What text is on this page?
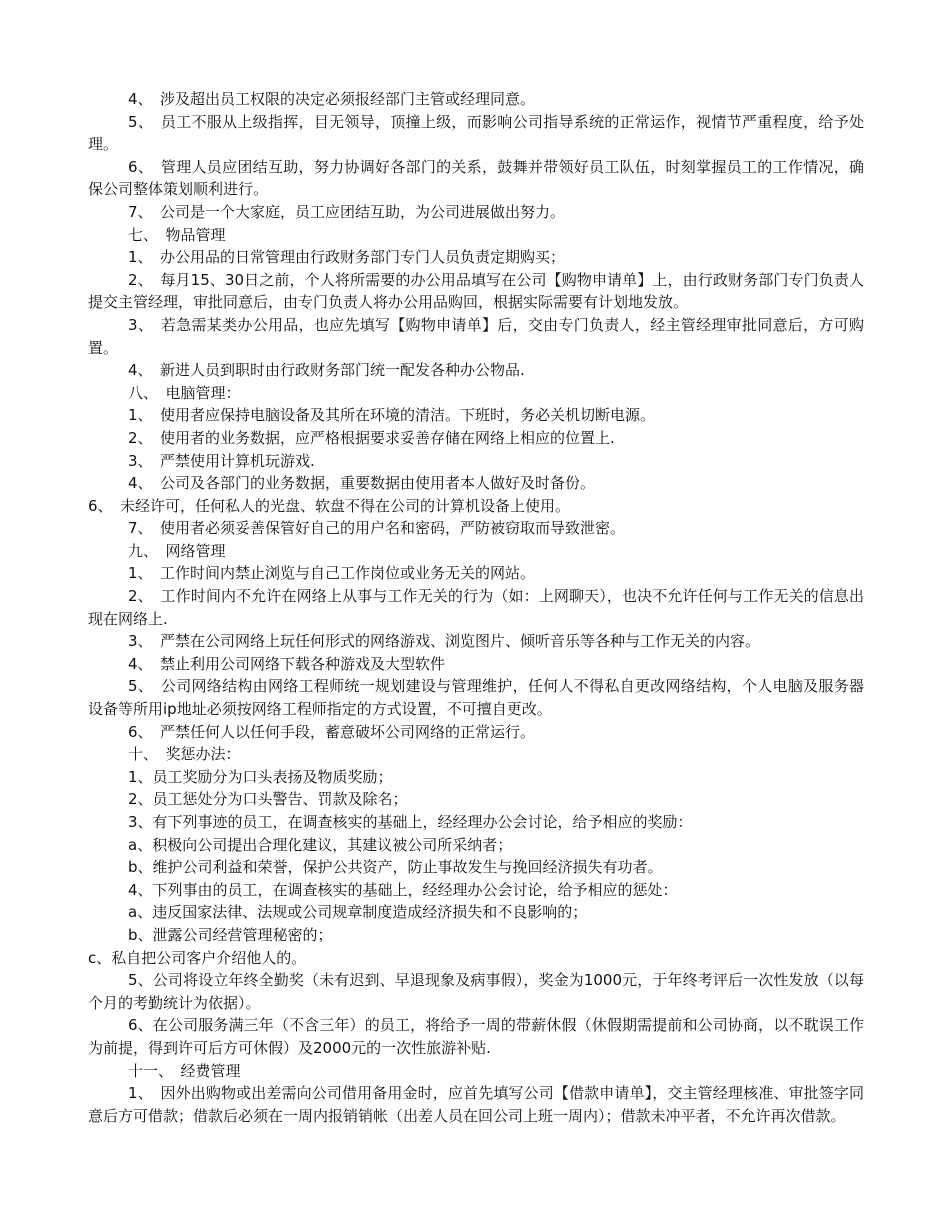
4、　涉及超出员工权限的决定必须报经部门主管或经理同意。

5、　员工不服从上级指挥，目无领导，顶撞上级，而影响公司指导系统的正常运作，视情节严重程度，给予处理。

6、　管理人员应团结互助，努力协调好各部门的关系，鼓舞并带领好员工队伍，时刻掌握员工的工作情况，确保公司整体策划顺利进行。

7、　公司是一个大家庭，员工应团结互助，为公司进展做出努力。

七、　物品管理

1、　办公用品的日常管理由行政财务部门专门人员负责定期购买；

2、　每月15、30日之前，个人将所需要的办公用品填写在公司【购物申请单】上，由行政财务部门专门负责人提交主管经理，审批同意后，由专门负责人将办公用品购回，根据实际需要有计划地发放。

3、　若急需某类办公用品，也应先填写【购物申请单】后，交由专门负责人，经主管经理审批同意后，方可购置。

4、　新进人员到职时由行政财务部门统一配发各种办公物品.

八、　电脑管理：

1、　使用者应保持电脑设备及其所在环境的清洁。下班时，务必关机切断电源。

2、　使用者的业务数据，应严格根据要求妥善存储在网络上相应的位置上.

3、　严禁使用计算机玩游戏.

4、　公司及各部门的业务数据，重要数据由使用者本人做好及时备份。

6、　未经许可，任何私人的光盘、软盘不得在公司的计算机设备上使用。

7、　使用者必须妥善保管好自己的用户名和密码，严防被窃取而导致泄密。

九、　网络管理

1、　工作时间内禁止浏览与自己工作岗位或业务无关的网站。

2、　工作时间内不允许在网络上从事与工作无关的行为（如：上网聊天），也决不允许任何与工作无关的信息出现在网络上.

3、　严禁在公司网络上玩任何形式的网络游戏、浏览图片、倾听音乐等各种与工作无关的内容。

4、　禁止利用公司网络下载各种游戏及大型软件

5、　公司网络结构由网络工程师统一规划建设与管理维护，任何人不得私自更改网络结构，个人电脑及服务器设备等所用ip地址必须按网络工程师指定的方式设置，不可擅自更改。

6、　严禁任何人以任何手段，蓄意破坏公司网络的正常运行。

十、　奖惩办法：

1、员工奖励分为口头表扬及物质奖励；

2、员工惩处分为口头警告、罚款及除名；

3、有下列事迹的员工，在调查核实的基础上，经经理办公会讨论，给予相应的奖励：

a、积极向公司提出合理化建议，其建议被公司所采纳者；

b、维护公司利益和荣誉，保护公共资产，防止事故发生与挽回经济损失有功者。

4、下列事由的员工，在调查核实的基础上，经经理办公会讨论，给予相应的惩处：

a、违反国家法律、法规或公司规章制度造成经济损失和不良影响的；

b、泄露公司经营管理秘密的；

c、私自把公司客户介绍他人的。

5、公司将设立年终全勤奖（未有迟到、早退现象及病事假），奖金为1000元，于年终考评后一次性发放（以每个月的考勤统计为依据）。

6、在公司服务满三年（不含三年）的员工，将给予一周的带薪休假（休假期需提前和公司协商，以不耽误工作为前提，得到许可后方可休假）及2000元的一次性旅游补贴.

十一、　经费管理

1、　因外出购物或出差需向公司借用备用金时，应首先填写公司【借款申请单】，交主管经理核准、审批签字同意后方可借款；借款后必须在一周内报销销帐（出差人员在回公司上班一周内）；借款未冲平者，不允许再次借款。
